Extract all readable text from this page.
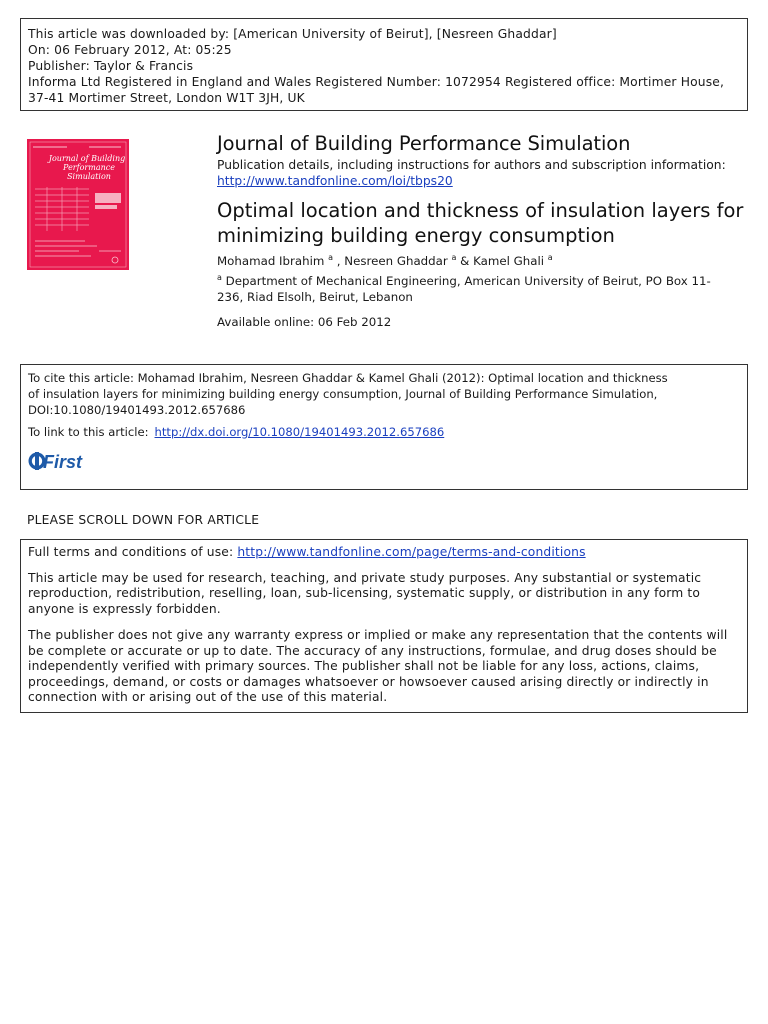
This article was downloaded by: [American University of Beirut], [Nesreen Ghaddar]
On: 06 February 2012, At: 05:25
Publisher: Taylor & Francis
Informa Ltd Registered in England and Wales Registered Number: 1072954 Registered office: Mortimer House,
37-41 Mortimer Street, London W1T 3JH, UK
Journal of Building
Performance
Simulation
Journal of Building Performance Simulation
Publication details, including instructions for authors and subscription information:
http://www.tandfonline.com/loi/tbps20
Optimal location and thickness of insulation layers for minimizing building energy consumption
Mohamad Ibrahim $^a$ , Nesreen Ghaddar $^a$ & Kamel Ghali $^a$
$^a$ Department of Mechanical Engineering, American University of Beirut, PO Box 11-236, Riad Elsolh, Beirut, Lebanon
Available online: 06 Feb 2012
To cite this article: Mohamad Ibrahim, Nesreen Ghaddar & Kamel Ghali (2012): Optimal location and thickness of insulation layers for minimizing building energy consumption, Journal of Building Performance Simulation, DOI:10.1080/19401493.2012.657686
To link to this article: http://dx.doi.org/10.1080/19401493.2012.657686
First
PLEASE SCROLL DOWN FOR ARTICLE

Full terms and conditions of use: http://www.tandfonline.com/page/terms-and-conditions

This article may be used for research, teaching, and private study purposes. Any substantial or systematic reproduction, redistribution, reselling, loan, sub-licensing, systematic supply, or distribution in any form to anyone is expressly forbidden.

The publisher does not give any warranty express or implied or make any representation that the contents will be complete or accurate or up to date. The accuracy of any instructions, formulae, and drug doses should be independently verified with primary sources. The publisher shall not be liable for any loss, actions, claims, proceedings, demand, or costs or damages whatsoever or howsoever caused arising directly or indirectly in connection with or arising out of the use of this material.
